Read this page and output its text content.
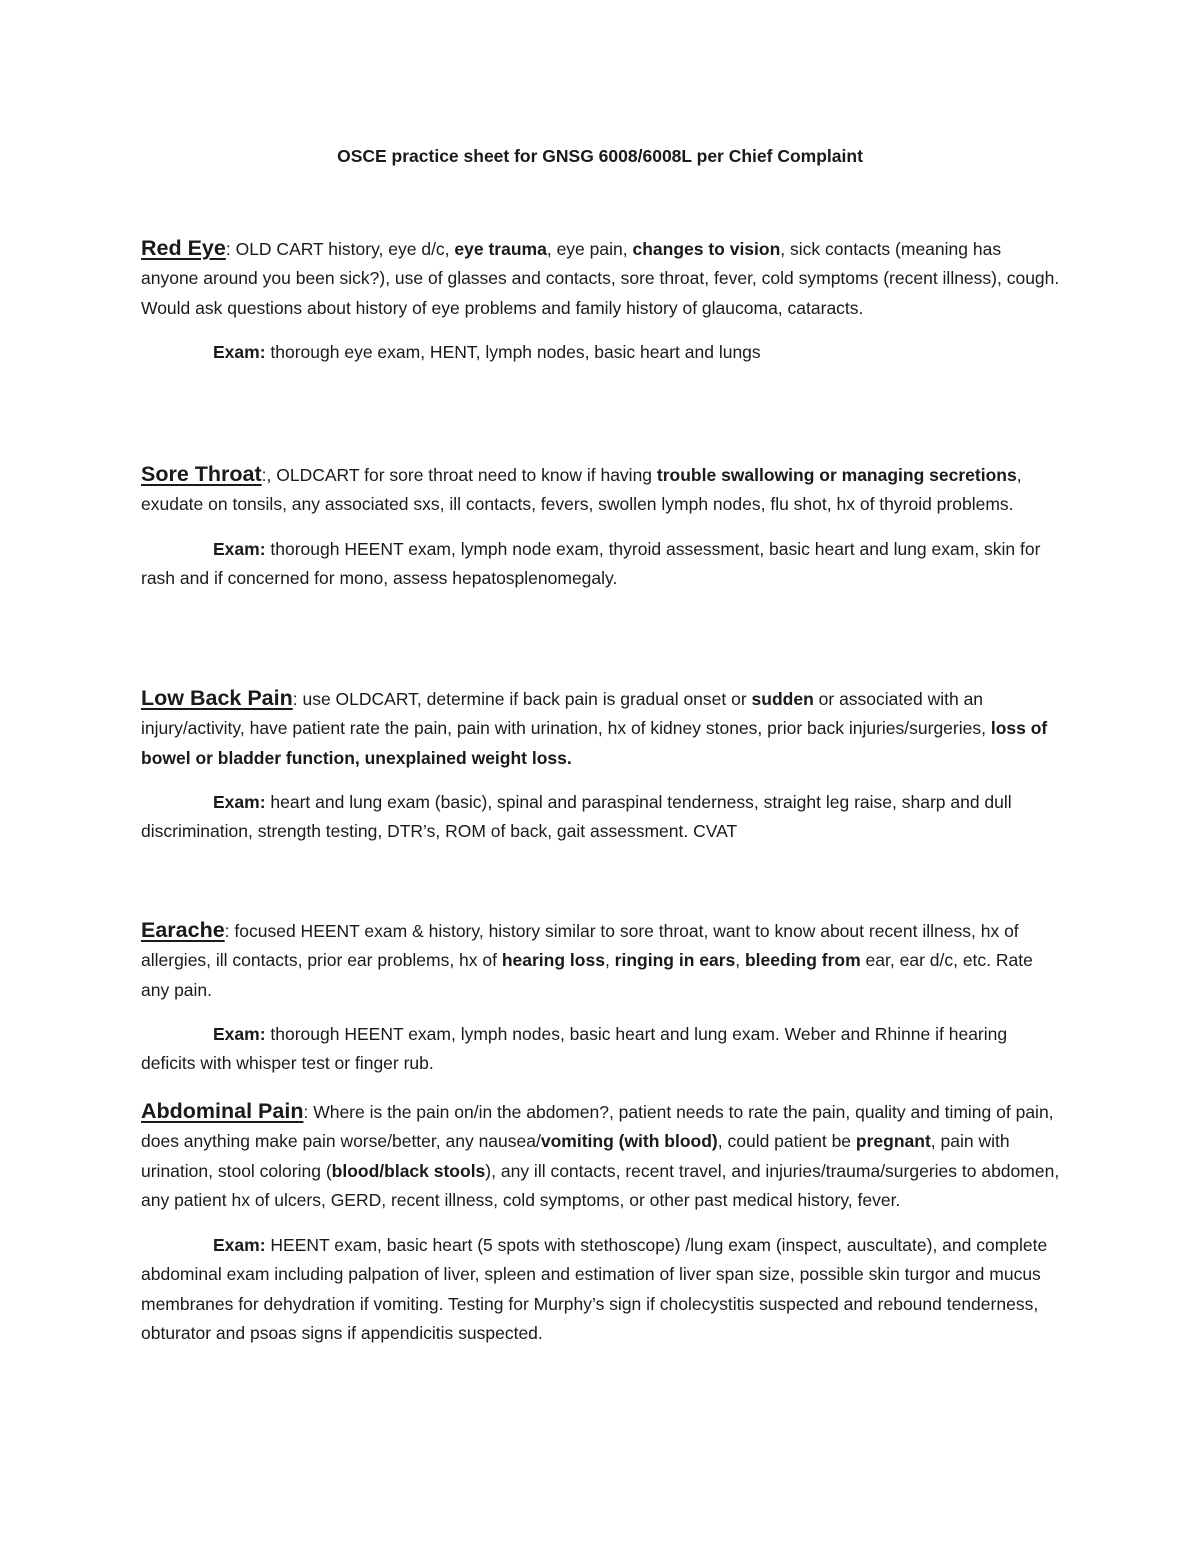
OSCE practice sheet for GNSG 6008/6008L per Chief Complaint

Red Eye: OLD CART history, eye d/c, eye trauma, eye pain, changes to vision, sick contacts (meaning has anyone around you been sick?), use of glasses and contacts, sore throat, fever, cold symptoms (recent illness), cough. Would ask questions about history of eye problems and family history of glaucoma, cataracts.

Exam: thorough eye exam, HENT, lymph nodes, basic heart and lungs

Sore Throat:, OLDCART for sore throat need to know if having trouble swallowing or managing secretions, exudate on tonsils, any associated sxs, ill contacts, fevers, swollen lymph nodes, flu shot, hx of thyroid problems.

Exam: thorough HEENT exam, lymph node exam, thyroid assessment, basic heart and lung exam, skin for rash and if concerned for mono, assess hepatosplenomegaly.

Low Back Pain: use OLDCART, determine if back pain is gradual onset or sudden or associated with an injury/activity, have patient rate the pain, pain with urination, hx of kidney stones, prior back injuries/surgeries, loss of bowel or bladder function, unexplained weight loss.

Exam: heart and lung exam (basic), spinal and paraspinal tenderness, straight leg raise, sharp and dull discrimination, strength testing, DTR’s, ROM of back, gait assessment. CVAT

Earache: focused HEENT exam & history, history similar to sore throat, want to know about recent illness, hx of allergies, ill contacts, prior ear problems, hx of hearing loss, ringing in ears, bleeding from ear, ear d/c, etc. Rate any pain.

Exam: thorough HEENT exam, lymph nodes, basic heart and lung exam. Weber and Rhinne if hearing deficits with whisper test or finger rub.

Abdominal Pain: Where is the pain on/in the abdomen?, patient needs to rate the pain, quality and timing of pain, does anything make pain worse/better, any nausea/vomiting (with blood), could patient be pregnant, pain with urination, stool coloring (blood/black stools), any ill contacts, recent travel, and injuries/trauma/surgeries to abdomen, any patient hx of ulcers, GERD, recent illness, cold symptoms, or other past medical history, fever.

Exam: HEENT exam, basic heart (5 spots with stethoscope) /lung exam (inspect, auscultate), and complete abdominal exam including palpation of liver, spleen and estimation of liver span size, possible skin turgor and mucus membranes for dehydration if vomiting. Testing for Murphy’s sign if cholecystitis suspected and rebound tenderness, obturator and psoas signs if appendicitis suspected.
